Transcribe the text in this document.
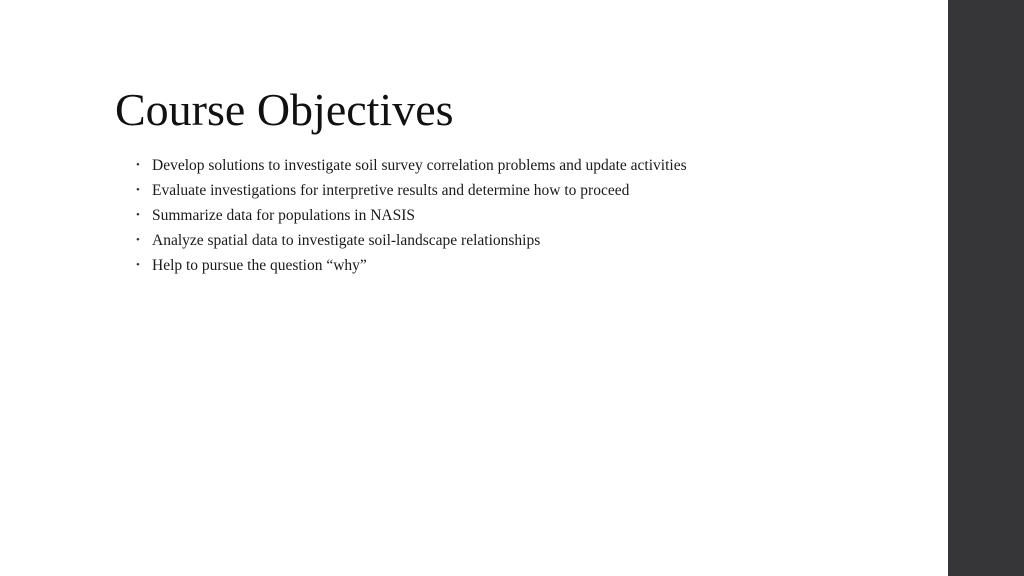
Course Objectives
• Develop solutions to investigate soil survey correlation problems and update activities
• Evaluate investigations for interpretive results and determine how to proceed
• Summarize data for populations in NASIS
• Analyze spatial data to investigate soil-landscape relationships
• Help to pursue the question “why”
